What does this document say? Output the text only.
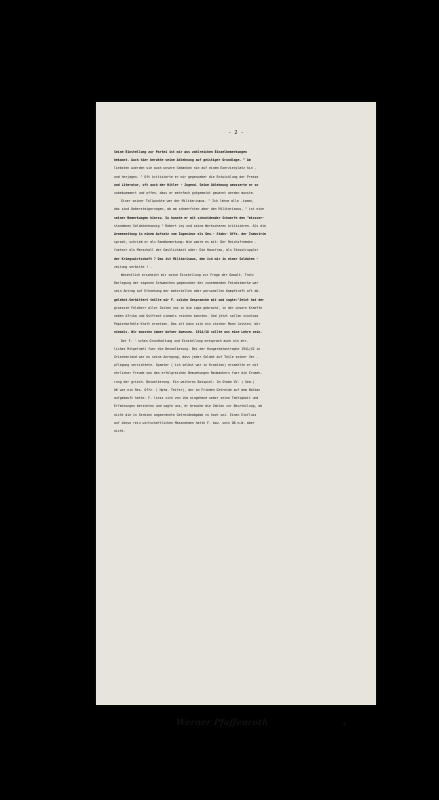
- 2 -
Seine Einstellung zur Partei ist mir aus zahlreichen Einzelbemerkungen
bekannt. Auch hier beruhte seine Ablehnung auf geistiger Grundlage. " Am
liebsten wuerden sie auch unsere Gedanken nie auf einem Exerzierplatz hin -
und herjagen. " Oft kritisierte er mir gegenueber die Entwicklung der Presse
und Literatur, oft auch der Hitler - Jugend. Seine Ablehnung aeusserte er so
unbekuemmert und offen, dass er mehrfach gutgemeint gewarnt werden musste.
Einer seiner Tollpunkte war der Militarismus. " Ich lehne alle -ismen,
das sind Uebersteigerungen, ab am schaerfsten aber den Militarismus, " ist eine
seiner Bemerkungen hierzu. So konnte er mit schneidender Schaerfe den "missver-
standenen Soldatenkoenig " Robert Ley und seine Werkscharen kritisieren. Als die
Armeezeitung in einem Aufsatz vom Ingenieur als Gen.- Stabs- Offz. der Industrie
sprach, schrieb er als Randbemerkung: Wie waere es mit: Der Reichsfremden -
fuehrer als Marschall der Gastlichkeit oder: Die Hausfrau, als Stosstruppler
der Kriegswirtschaft ? Das ist Militarismus, den ich mir in einer Soldaten -
zeitung verbitte ! -
Wesentlich erscheint mir seine Einstellung zur Frage der Gewalt. Trotz
Darlegung der eigenen Schwaechen gegenueber der zunehmenden Feindstaerke war
sein Antrag auf Erhoehung der materiellen oder personellen Kampfkraft oft ab-
gelehnt.Verbittert teilte mir F. solche Gespraeche mit und sagte:"Jetzt hat der
groesste Feldherr aller Zeiten uns in die Lage gebracht, in der unsere Kraefte
neben Afrika und Ostfront niemals reichen konnten. Und jetzt sollen sinnlose
Papierbefehle Kraft ersetzen. Das alt kann sich ein starker Mann leisten. Wir
niemals. Wir mussten immer dafuer buessen. 1914/18 sollte uns eine Lehre sein.
Der F. ' schen Grundhaltung und Einstellung entsprach auch ein ehr-
liches Mitgefuehl fuer die Bevoelkerung. Bei der Hungerkatastrophe 1941/42 in
Griechenland war es seine Anregung, dass jeder Soldat auf Teile seiner Ver -
pflegung verzichtete. Spaeter ( ich selbst war in Kroatien) erzaehlte er mit
ehrlicher Freude von den erfolgreichen Bemuehungen Neubachers fuer die Ernaeh-
rung der griech. Bevoelkerung. Ein weiteres Beispiel: Im Stabe XV. ( Geb.)
AK war ein Res. Offz. ( Hptm. Teifer), der im Frieden Getreide auf dem Balkan
aufgekauft hatte. F. liess sich von ihm eingehend ueber seine Taetigkeit und
Erfahrungen berichten und sagte uns, er brauche die Zahlen zur Beurteilung, ob
nicht die in Serbien angeordnete Getreideabgabe zu hoch sei. Einen Einfluss
auf diese rein wirtschaftlichen Massnahmen hatte F. bzw. sein OB m.W. aber
nicht.
Werner Pfaffenroth	-3-
